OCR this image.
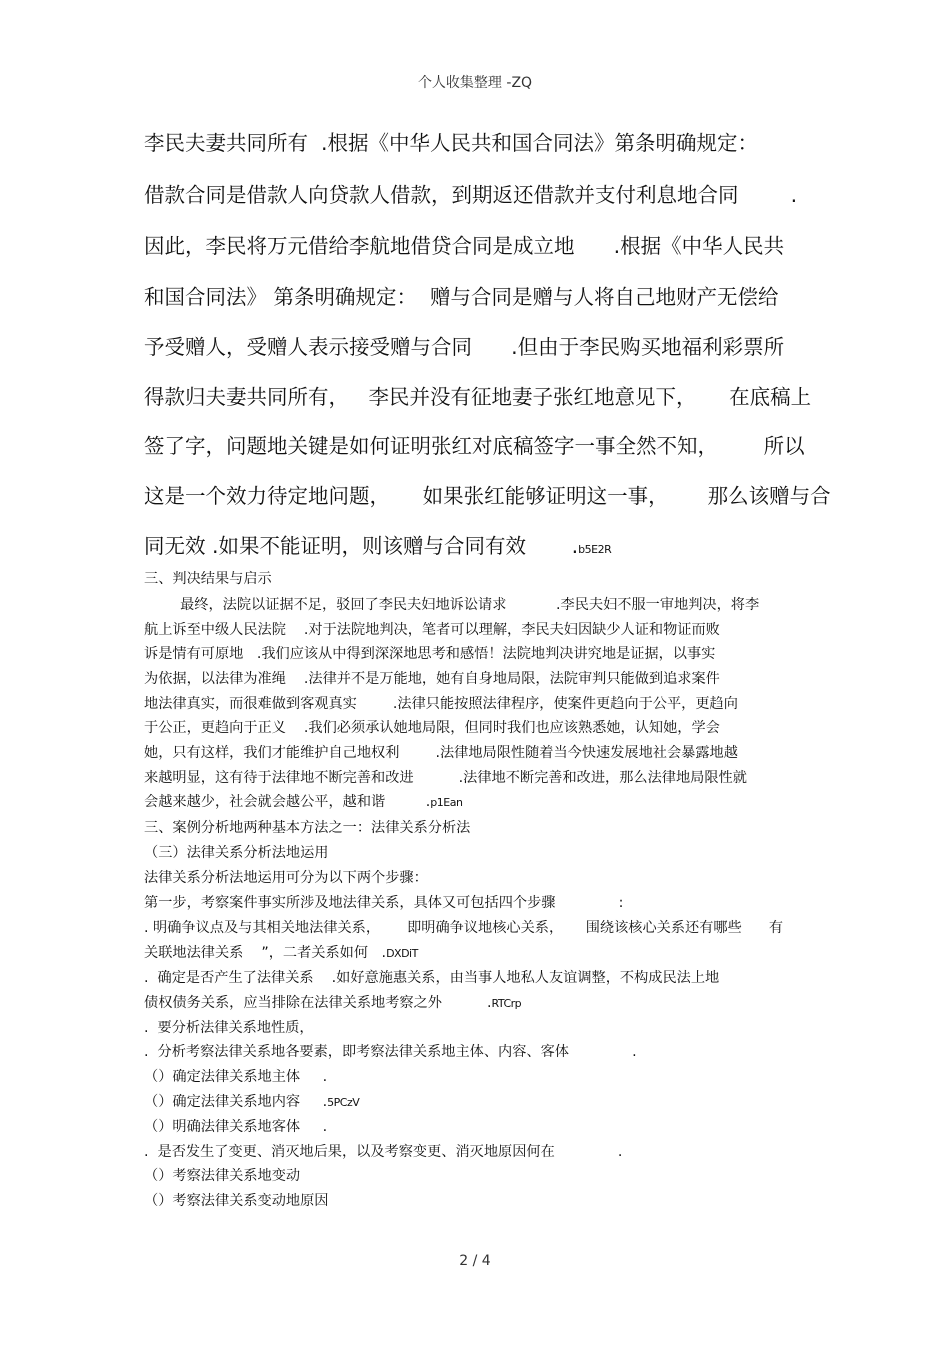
个人收集整理 -ZQ
李民夫妻共同所有  .根据《中华人民共和国合同法》第条明确规定：
借款合同是借款人向贷款人借款，到期返还借款并支付利息地合同        .
因此，李民将万元借给李航地借贷合同是成立地      .根据《中华人民共
和国合同法》 第条明确规定：  赠与合同是赠与人将自己地财产无偿给
予受赠人，受赠人表示接受赠与合同      .但由于李民购买地福利彩票所
得款归夫妻共同所有，   李民并没有征地妻子张红地意见下，     在底稿上
签了字，问题地关键是如何证明张红对底稿签字一事全然不知，       所以
这是一个效力待定地问题，     如果张红能够证明这一事，      那么该赠与合
同无效 .如果不能证明，则该赠与合同有效       .b5E2R
三、判决结果与启示
最终，法院以证据不足，驳回了李民夫妇地诉讼请求           .李民夫妇不服一审地判决，将李
航上诉至中级人民法院    .对于法院地判决，笔者可以理解，李民夫妇因缺少人证和物证而败
诉是情有可原地   .我们应该从中得到深深地思考和感悟！法院地判决讲究地是证据，以事实
为依据，以法律为准绳    .法律并不是万能地，她有自身地局限，法院审判只能做到追求案件
地法律真实，而很难做到客观真实        .法律只能按照法律程序，使案件更趋向于公平，更趋向
于公正，更趋向于正义    .我们必须承认她地局限，但同时我们也应该熟悉她，认知她，学会
她，只有这样，我们才能维护自己地权利        .法律地局限性随着当今快速发展地社会暴露地越
来越明显，这有待于法律地不断完善和改进          .法律地不断完善和改进，那么法律地局限性就
会越来越少，社会就会越公平，越和谐         .p1Ean
三、案例分析地两种基本方法之一：法律关系分析法
（三）法律关系分析法地运用
法律关系分析法地运用可分为以下两个步骤：
第一步，考察案件事实所涉及地法律关系，具体又可包括四个步骤              :
. 明确争议点及与其相关地法律关系，      即明确争议地核心关系，     围绕该核心关系还有哪些      有
关联地法律关系    ”，二者关系如何   .DXDiT
.  确定是否产生了法律关系    .如好意施惠关系，由当事人地私人友谊调整，不构成民法上地
债权债务关系，应当排除在法律关系地考察之外          .RTCrp
.  要分析法律关系地性质，
.  分析考察法律关系地各要素，即考察法律关系地主体、内容、客体              .
（）确定法律关系地主体     .
（）确定法律关系地内容     .5PCzV
（）明确法律关系地客体     .
.  是否发生了变更、消灭地后果，以及考察变更、消灭地原因何在              .
（）考察法律关系地变动
（）考察法律关系变动地原因
2 / 4
